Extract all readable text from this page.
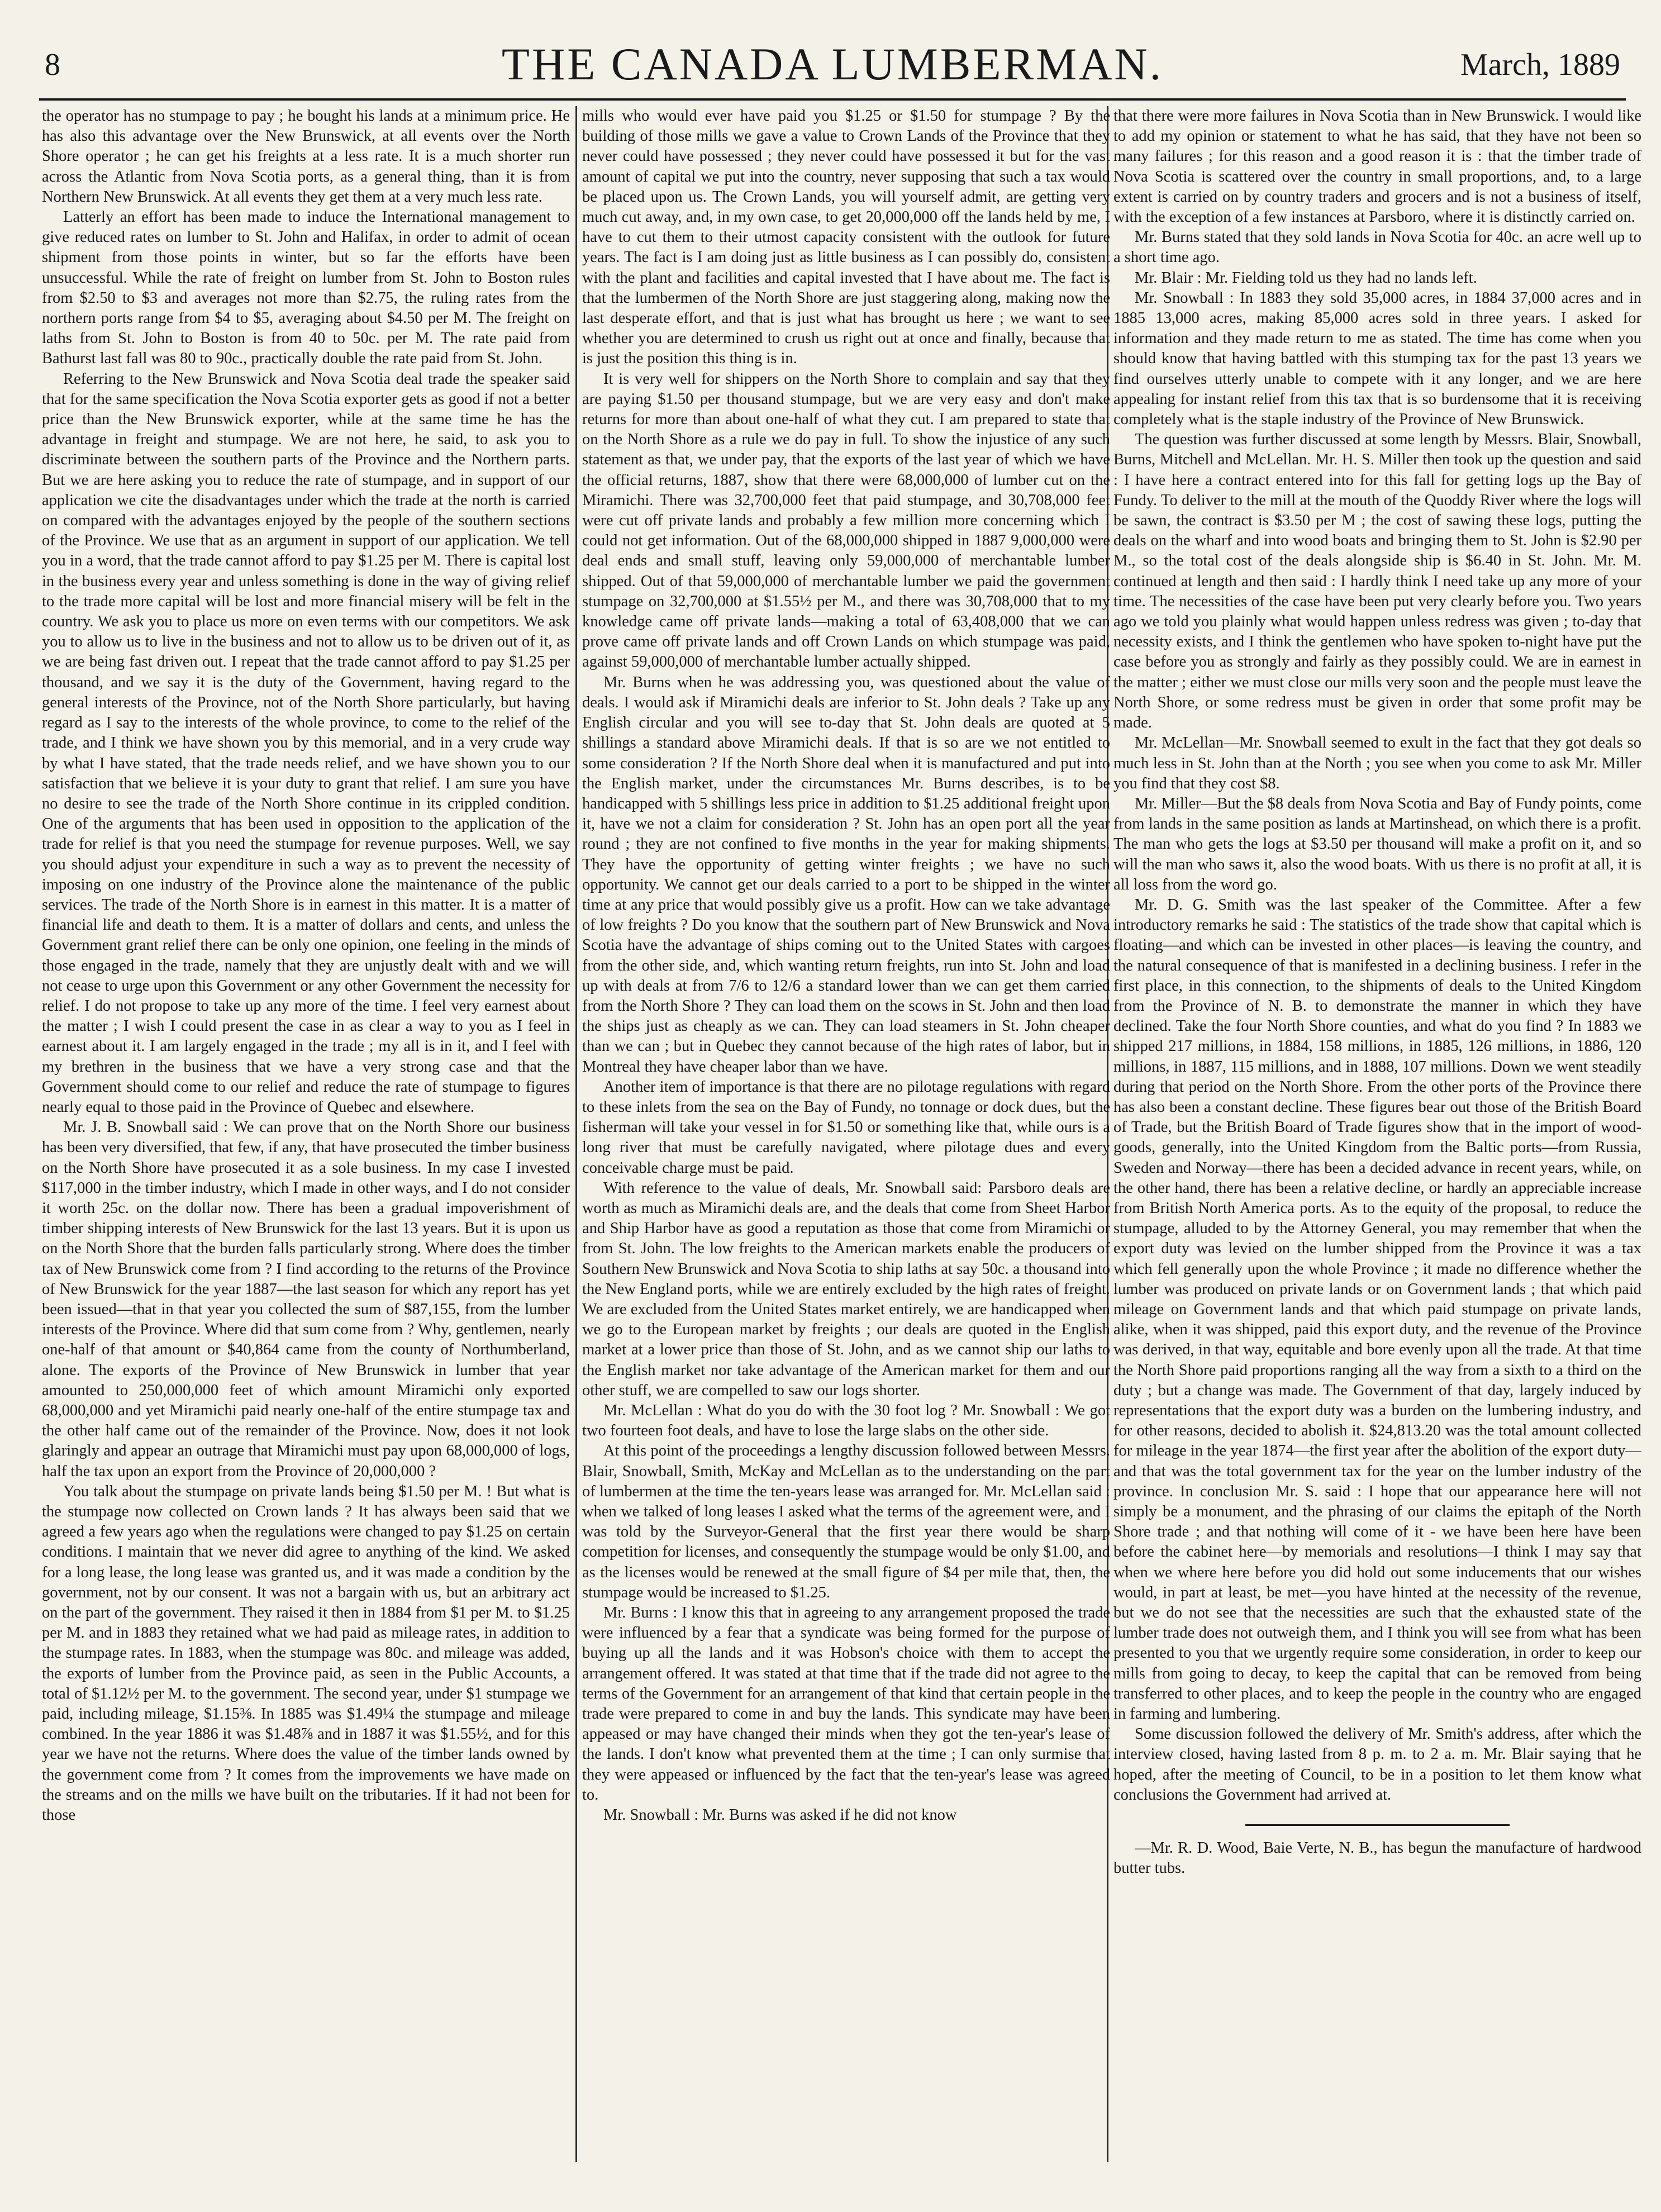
8	THE CANADA LUMBERMAN.	March, 1889

the operator has no stumpage to pay ; he bought his lands at a minimum price. He has also this advantage over the New Brunswick, at all events over the North Shore operator ; he can get his freights at a less rate. It is a much shorter run across the Atlantic from Nova Scotia ports, as a general thing, than it is from Northern New Brunswick. At all events they get them at a very much less rate.

Latterly an effort has been made to induce the International management to give reduced rates on lumber to St. John and Halifax, in order to admit of ocean shipment from those points in winter, but so far the efforts have been unsuccessful. While the rate of freight on lumber from St. John to Boston rules from $2.50 to $3 and averages not more than $2.75, the ruling rates from the northern ports range from $4 to $5, averaging about $4.50 per M. The freight on laths from St. John to Boston is from 40 to 50c. per M. The rate paid from Bathurst last fall was 80 to 90c., practically double the rate paid from St. John.

Referring to the New Brunswick and Nova Scotia deal trade the speaker said that for the same specification the Nova Scotia exporter gets as good if not a better price than the New Brunswick exporter, while at the same time he has the advantage in freight and stumpage. We are not here, he said, to ask you to discriminate between the southern parts of the Province and the Northern parts. But we are here asking you to reduce the rate of stumpage, and in support of our application we cite the disadvantages under which the trade at the north is carried on compared with the advantages enjoyed by the people of the southern sections of the Province. We use that as an argument in support of our application. We tell you in a word, that the trade cannot afford to pay $1.25 per M. There is capital lost in the business every year and unless something is done in the way of giving relief to the trade more capital will be lost and more financial misery will be felt in the country. We ask you to place us more on even terms with our competitors. We ask you to allow us to live in the business and not to allow us to be driven out of it, as we are being fast driven out. I repeat that the trade cannot afford to pay $1.25 per thousand, and we say it is the duty of the Government, having regard to the general interests of the Province, not of the North Shore particularly, but having regard as I say to the interests of the whole province, to come to the relief of the trade, and I think we have shown you by this memorial, and in a very crude way by what I have stated, that the trade needs relief, and we have shown you to our satisfaction that we believe it is your duty to grant that relief. I am sure you have no desire to see the trade of the North Shore continue in its crippled condition. One of the arguments that has been used in opposition to the application of the trade for relief is that you need the stumpage for revenue purposes. Well, we say you should adjust your expenditure in such a way as to prevent the necessity of imposing on one industry of the Province alone the maintenance of the public services. The trade of the North Shore is in earnest in this matter. It is a matter of financial life and death to them. It is a matter of dollars and cents, and unless the Government grant relief there can be only one opinion, one feeling in the minds of those engaged in the trade, namely that they are unjustly dealt with and we will not cease to urge upon this Government or any other Government the necessity for relief. I do not propose to take up any more of the time. I feel very earnest about the matter ; I wish I could present the case in as clear a way to you as I feel in earnest about it. I am largely engaged in the trade ; my all is in it, and I feel with my brethren in the business that we have a very strong case and that the Government should come to our relief and reduce the rate of stumpage to figures nearly equal to those paid in the Province of Quebec and elsewhere.

Mr. J. B. Snowball said : We can prove that on the North Shore our business has been very diversified, that few, if any, that have prosecuted the timber business on the North Shore have prosecuted it as a sole business. In my case I invested $117,000 in the timber industry, which I made in other ways, and I do not consider it worth 25c. on the dollar now. There has been a gradual impoverishment of timber shipping interests of New Brunswick for the last 13 years. But it is upon us on the North Shore that the burden falls particularly strong. Where does the timber tax of New Brunswick come from ? I find according to the returns of the Province of New Brunswick for the year 1887—the last season for which any report has yet been issued—that in that year you collected the sum of $87,155, from the lumber interests of the Province. Where did that sum come from ? Why, gentlemen, nearly one-half of that amount or $40,864 came from the county of Northumberland, alone. The exports of the Province of New Brunswick in lumber that year amounted to 250,000,000 feet of which amount Miramichi only exported 68,000,000 and yet Miramichi paid nearly one-half of the entire stumpage tax and the other half came out of the remainder of the Province. Now, does it not look glaringly and appear an outrage that Miramichi must pay upon 68,000,000 of logs, half the tax upon an export from the Province of 20,000,000 ?

You talk about the stumpage on private lands being $1.50 per M. ! But what is the stumpage now collected on Crown lands ? It has always been said that we agreed a few years ago when the regulations were changed to pay $1.25 on certain conditions. I maintain that we never did agree to anything of the kind. We asked for a long lease, the long lease was granted us, and it was made a condition by the government, not by our consent. It was not a bargain with us, but an arbitrary act on the part of the government. They raised it then in 1884 from $1 per M. to $1.25 per M. and in 1883 they retained what we had paid as mileage rates, in addition to the stumpage rates. In 1883, when the stumpage was 80c. and mileage was added, the exports of lumber from the Province paid, as seen in the Public Accounts, a total of $1.12½ per M. to the government. The second year, under $1 stumpage we paid, including mileage, $1.15⅜. In 1885 was $1.49¼ the stumpage and mileage combined. In the year 1886 it was $1.48⅞ and in 1887 it was $1.55½, and for this year we have not the returns. Where does the value of the timber lands owned by the government come from ? It comes from the improvements we have made on the streams and on the mills we have built on the tributaries. If it had not been for those

mills who would ever have paid you $1.25 or $1.50 for stumpage ? By the building of those mills we gave a value to Crown Lands of the Province that they never could have possessed ; they never could have possessed it but for the vast amount of capital we put into the country, never supposing that such a tax would be placed upon us. The Crown Lands, you will yourself admit, are getting very much cut away, and, in my own case, to get 20,000,000 off the lands held by me, I have to cut them to their utmost capacity consistent with the outlook for future years. The fact is I am doing just as little business as I can possibly do, consistent with the plant and facilities and capital invested that I have about me. The fact is that the lumbermen of the North Shore are just staggering along, making now the last desperate effort, and that is just what has brought us here ; we want to see whether you are determined to crush us right out at once and finally, because that is just the position this thing is in.

It is very well for shippers on the North Shore to complain and say that they are paying $1.50 per thousand stumpage, but we are very easy and don't make returns for more than about one-half of what they cut. I am prepared to state that on the North Shore as a rule we do pay in full. To show the injustice of any such statement as that, we under pay, that the exports of the last year of which we have the official returns, 1887, show that there were 68,000,000 of lumber cut on the Miramichi. There was 32,700,000 feet that paid stumpage, and 30,708,000 feet were cut off private lands and probably a few million more concerning which I could not get information. Out of the 68,000,000 shipped in 1887 9,000,000 were deal ends and small stuff, leaving only 59,000,000 of merchantable lumber shipped. Out of that 59,000,000 of merchantable lumber we paid the government stumpage on 32,700,000 at $1.55½ per M., and there was 30,708,000 that to my knowledge came off private lands—making a total of 63,408,000 that we can prove came off private lands and off Crown Lands on which stumpage was paid, against 59,000,000 of merchantable lumber actually shipped.

Mr. Burns when he was addressing you, was questioned about the value of deals. I would ask if Miramichi deals are inferior to St. John deals ? Take up any English circular and you will see to-day that St. John deals are quoted at 5 shillings a standard above Miramichi deals. If that is so are we not entitled to some consideration ? If the North Shore deal when it is manufactured and put into the English market, under the circumstances Mr. Burns describes, is to be handicapped with 5 shillings less price in addition to $1.25 additional freight upon it, have we not a claim for consideration ? St. John has an open port all the year round ; they are not confined to five months in the year for making shipments. They have the opportunity of getting winter freights ; we have no such opportunity. We cannot get our deals carried to a port to be shipped in the winter time at any price that would possibly give us a profit. How can we take advantage of low freights ? Do you know that the southern part of New Brunswick and Nova Scotia have the advantage of ships coming out to the United States with cargoes from the other side, and, which wanting return freights, run into St. John and load up with deals at from 7/6 to 12/6 a standard lower than we can get them carried from the North Shore ? They can load them on the scows in St. John and then load the ships just as cheaply as we can. They can load steamers in St. John cheaper than we can ; but in Quebec they cannot because of the high rates of labor, but in Montreal they have cheaper labor than we have.

Another item of importance is that there are no pilotage regulations with regard to these inlets from the sea on the Bay of Fundy, no tonnage or dock dues, but the fisherman will take your vessel in for $1.50 or something like that, while ours is a long river that must be carefully navigated, where pilotage dues and every conceivable charge must be paid.

With reference to the value of deals, Mr. Snowball said: Parsboro deals are worth as much as Miramichi deals are, and the deals that come from Sheet Harbor and Ship Harbor have as good a reputation as those that come from Miramichi or from St. John. The low freights to the American markets enable the producers of Southern New Brunswick and Nova Scotia to ship laths at say 50c. a thousand into the New England ports, while we are entirely excluded by the high rates of freight. We are excluded from the United States market entirely, we are handicapped when we go to the European market by freights ; our deals are quoted in the English market at a lower price than those of St. John, and as we cannot ship our laths to the English market nor take advantage of the American market for them and our other stuff, we are compelled to saw our logs shorter.

Mr. McLellan : What do you do with the 30 foot log ? Mr. Snowball : We got two fourteen foot deals, and have to lose the large slabs on the other side.

At this point of the proceedings a lengthy discussion followed between Messrs. Blair, Snowball, Smith, McKay and McLellan as to the understanding on the part of lumbermen at the time the ten-years lease was arranged for. Mr. McLellan said : when we talked of long leases I asked what the terms of the agreement were, and I was told by the Surveyor-General that the first year there would be sharp competition for licenses, and consequently the stumpage would be only $1.00, and as the licenses would be renewed at the small figure of $4 per mile that, then, the stumpage would be increased to $1.25.

Mr. Burns : I know this that in agreeing to any arrangement proposed the trade were influenced by a fear that a syndicate was being formed for the purpose of buying up all the lands and it was Hobson's choice with them to accept the arrangement offered. It was stated at that time that if the trade did not agree to the terms of the Government for an arrangement of that kind that certain people in the trade were prepared to come in and buy the lands. This syndicate may have been appeased or may have changed their minds when they got the ten-year's lease of the lands. I don't know what prevented them at the time ; I can only surmise that they were appeased or influenced by the fact that the ten-year's lease was agreed to.

Mr. Snowball : Mr. Burns was asked if he did not know

that there were more failures in Nova Scotia than in New Brunswick. I would like to add my opinion or statement to what he has said, that they have not been so many failures ; for this reason and a good reason it is : that the timber trade of Nova Scotia is scattered over the country in small proportions, and, to a large extent is carried on by country traders and grocers and is not a business of itself, with the exception of a few instances at Parsboro, where it is distinctly carried on.

Mr. Burns stated that they sold lands in Nova Scotia for 40c. an acre well up to a short time ago.

Mr. Blair : Mr. Fielding told us they had no lands left.

Mr. Snowball : In 1883 they sold 35,000 acres, in 1884 37,000 acres and in 1885 13,000 acres, making 85,000 acres sold in three years. I asked for information and they made return to me as stated. The time has come when you should know that having battled with this stumping tax for the past 13 years we find ourselves utterly unable to compete with it any longer, and we are here appealing for instant relief from this tax that is so burdensome that it is receiving completely what is the staple industry of the Province of New Brunswick.

The question was further discussed at some length by Messrs. Blair, Snowball, Burns, Mitchell and McLellan. Mr. H. S. Miller then took up the question and said : I have here a contract entered into for this fall for getting logs up the Bay of Fundy. To deliver to the mill at the mouth of the Quoddy River where the logs will be sawn, the contract is $3.50 per M ; the cost of sawing these logs, putting the deals on the wharf and into wood boats and bringing them to St. John is $2.90 per M., so the total cost of the deals alongside ship is $6.40 in St. John. Mr. M. continued at length and then said : I hardly think I need take up any more of your time. The necessities of the case have been put very clearly before you. Two years ago we told you plainly what would happen unless redress was given ; to-day that necessity exists, and I think the gentlemen who have spoken to-night have put the case before you as strongly and fairly as they possibly could. We are in earnest in the matter ; either we must close our mills very soon and the people must leave the North Shore, or some redress must be given in order that some profit may be made.

Mr. McLellan—Mr. Snowball seemed to exult in the fact that they got deals so much less in St. John than at the North ; you see when you come to ask Mr. Miller you find that they cost $8.

Mr. Miller—But the $8 deals from Nova Scotia and Bay of Fundy points, come from lands in the same position as lands at Martinshead, on which there is a profit. The man who gets the logs at $3.50 per thousand will make a profit on it, and so will the man who saws it, also the wood boats. With us there is no profit at all, it is all loss from the word go.

Mr. D. G. Smith was the last speaker of the Committee. After a few introductory remarks he said : The statistics of the trade show that capital which is floating—and which can be invested in other places—is leaving the country, and the natural consequence of that is manifested in a declining business. I refer in the first place, in this connection, to the shipments of deals to the United Kingdom from the Province of N. B. to demonstrate the manner in which they have declined. Take the four North Shore counties, and what do you find ? In 1883 we shipped 217 millions, in 1884, 158 millions, in 1885, 126 millions, in 1886, 120 millions, in 1887, 115 millions, and in 1888, 107 millions. Down we went steadily during that period on the North Shore. From the other ports of the Province there has also been a constant decline. These figures bear out those of the British Board of Trade, but the British Board of Trade figures show that in the import of wood-goods, generally, into the United Kingdom from the Baltic ports—from Russia, Sweden and Norway—there has been a decided advance in recent years, while, on the other hand, there has been a relative decline, or hardly an appreciable increase from British North America ports. As to the equity of the proposal, to reduce the stumpage, alluded to by the Attorney General, you may remember that when the export duty was levied on the lumber shipped from the Province it was a tax which fell generally upon the whole Province ; it made no difference whether the lumber was produced on private lands or on Government lands ; that which paid mileage on Government lands and that which paid stumpage on private lands, alike, when it was shipped, paid this export duty, and the revenue of the Province was derived, in that way, equitable and bore evenly upon all the trade. At that time the North Shore paid proportions ranging all the way from a sixth to a third on the duty ; but a change was made. The Government of that day, largely induced by representations that the export duty was a burden on the lumbering industry, and for other reasons, decided to abolish it. $24,813.20 was the total amount collected for mileage in the year 1874—the first year after the abolition of the export duty—and that was the total government tax for the year on the lumber industry of the province. In conclusion Mr. S. said : I hope that our appearance here will not simply be a monument, and the phrasing of our claims the epitaph of the North Shore trade ; and that nothing will come of it - we have been here have been before the cabinet here—by memorials and resolutions—I think I may say that when we where here before you did hold out some inducements that our wishes would, in part at least, be met—you have hinted at the necessity of the revenue, but we do not see that the necessities are such that the exhausted state of the lumber trade does not outweigh them, and I think you will see from what has been presented to you that we urgently require some consideration, in order to keep our mills from going to decay, to keep the capital that can be removed from being transferred to other places, and to keep the people in the country who are engaged in farming and lumbering.

Some discussion followed the delivery of Mr. Smith's address, after which the interview closed, having lasted from 8 p. m. to 2 a. m. Mr. Blair saying that he hoped, after the meeting of Council, to be in a position to let them know what conclusions the Government had arrived at.

—Mr. R. D. Wood, Baie Verte, N. B., has begun the manufacture of hardwood butter tubs.
